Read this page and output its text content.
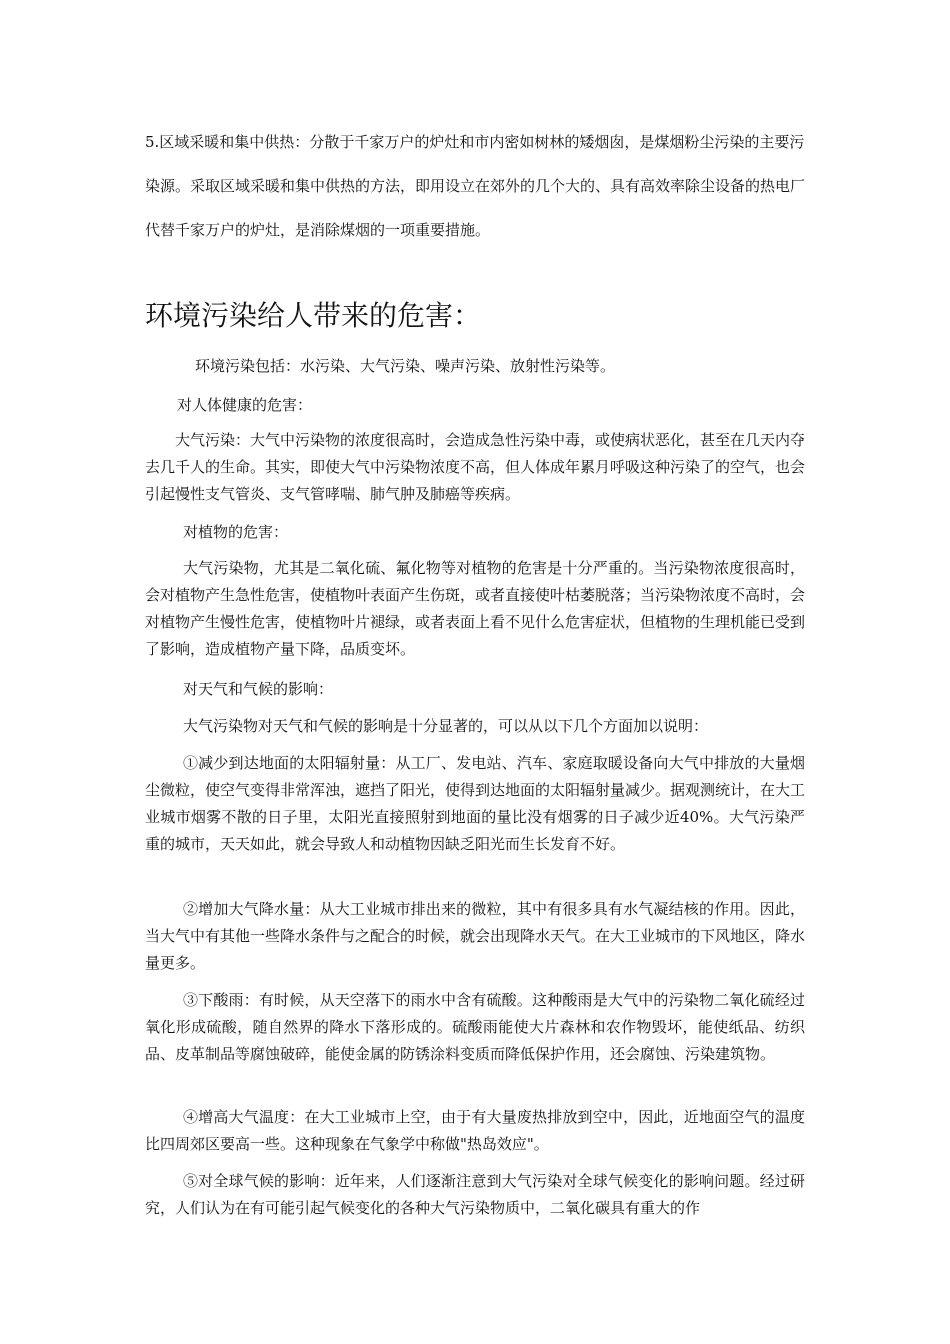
5.区域采暖和集中供热：分散于千家万户的炉灶和市内密如树林的矮烟囱，是煤烟粉尘污染的主要污染源。采取区域采暖和集中供热的方法，即用设立在郊外的几个大的、具有高效率除尘设备的热电厂代替千家万户的炉灶，是消除煤烟的一项重要措施。

环境污染给人带来的危害：

环境污染包括：水污染、大气污染、噪声污染、放射性污染等。

对人体健康的危害：

大气污染：大气中污染物的浓度很高时，会造成急性污染中毒，或使病状恶化，甚至在几天内夺去几千人的生命。其实，即使大气中污染物浓度不高，但人体成年累月呼吸这种污染了的空气，也会引起慢性支气管炎、支气管哮喘、肺气肿及肺癌等疾病。

对植物的危害：

大气污染物，尤其是二氧化硫、氟化物等对植物的危害是十分严重的。当污染物浓度很高时，会对植物产生急性危害，使植物叶表面产生伤斑，或者直接使叶枯萎脱落；当污染物浓度不高时，会对植物产生慢性危害，使植物叶片褪绿，或者表面上看不见什么危害症状，但植物的生理机能已受到了影响，造成植物产量下降，品质变坏。

对天气和气候的影响：

大气污染物对天气和气候的影响是十分显著的，可以从以下几个方面加以说明：

①减少到达地面的太阳辐射量：从工厂、发电站、汽车、家庭取暖设备向大气中排放的大量烟尘微粒，使空气变得非常浑浊，遮挡了阳光，使得到达地面的太阳辐射量减少。据观测统计，在大工业城市烟雾不散的日子里，太阳光直接照射到地面的量比没有烟雾的日子减少近40%。大气污染严重的城市，天天如此，就会导致人和动植物因缺乏阳光而生长发育不好。

②增加大气降水量：从大工业城市排出来的微粒，其中有很多具有水气凝结核的作用。因此，当大气中有其他一些降水条件与之配合的时候，就会出现降水天气。在大工业城市的下风地区，降水量更多。

③下酸雨：有时候，从天空落下的雨水中含有硫酸。这种酸雨是大气中的污染物二氧化硫经过氧化形成硫酸，随自然界的降水下落形成的。硫酸雨能使大片森林和农作物毁坏，能使纸品、纺织品、皮革制品等腐蚀破碎，能使金属的防锈涂料变质而降低保护作用，还会腐蚀、污染建筑物。

④增高大气温度：在大工业城市上空，由于有大量废热排放到空中，因此，近地面空气的温度比四周郊区要高一些。这种现象在气象学中称做"热岛效应"。

⑤对全球气候的影响：近年来，人们逐渐注意到大气污染对全球气候变化的影响问题。经过研究，人们认为在有可能引起气候变化的各种大气污染物质中，二氧化碳具有重大的作
